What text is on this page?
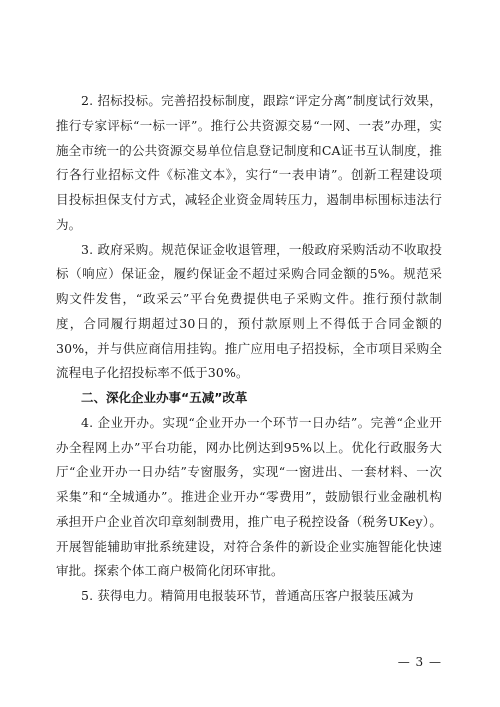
2. 招标投标。完善招投标制度，跟踪“评定分离”制度试行效果，推行专家评标“一标一评”。推行公共资源交易“一网、一表”办理，实施全市统一的公共资源交易单位信息登记制度和CA证书互认制度，推行各行业招标文件《标准文本》，实行“一表申请”。创新工程建设项目投标担保支付方式，减轻企业资金周转压力，遏制串标围标违法行为。

3. 政府采购。规范保证金收退管理，一般政府采购活动不收取投标（响应）保证金，履约保证金不超过采购合同金额的5%。规范采购文件发售，“政采云”平台免费提供电子采购文件。推行预付款制度，合同履行期超过30日的，预付款原则上不得低于合同金额的30%，并与供应商信用挂钩。推广应用电子招投标，全市项目采购全流程电子化招投标率不低于30%。

二、深化企业办事“五减”改革

4. 企业开办。实现“企业开办一个环节一日办结”。完善“企业开办全程网上办”平台功能，网办比例达到95%以上。优化行政服务大厅“企业开办一日办结”专窗服务，实现“一窗进出、一套材料、一次采集”和“全城通办”。推进企业开办“零费用”，鼓励银行业金融机构承担开户企业首次印章刻制费用，推广电子税控设备（税务UKey）。开展智能辅助审批系统建设，对符合条件的新设企业实施智能化快速审批。探索个体工商户极简化闭环审批。

5. 获得电力。精简用电报装环节，普通高压客户报装压减为

— 3 —
